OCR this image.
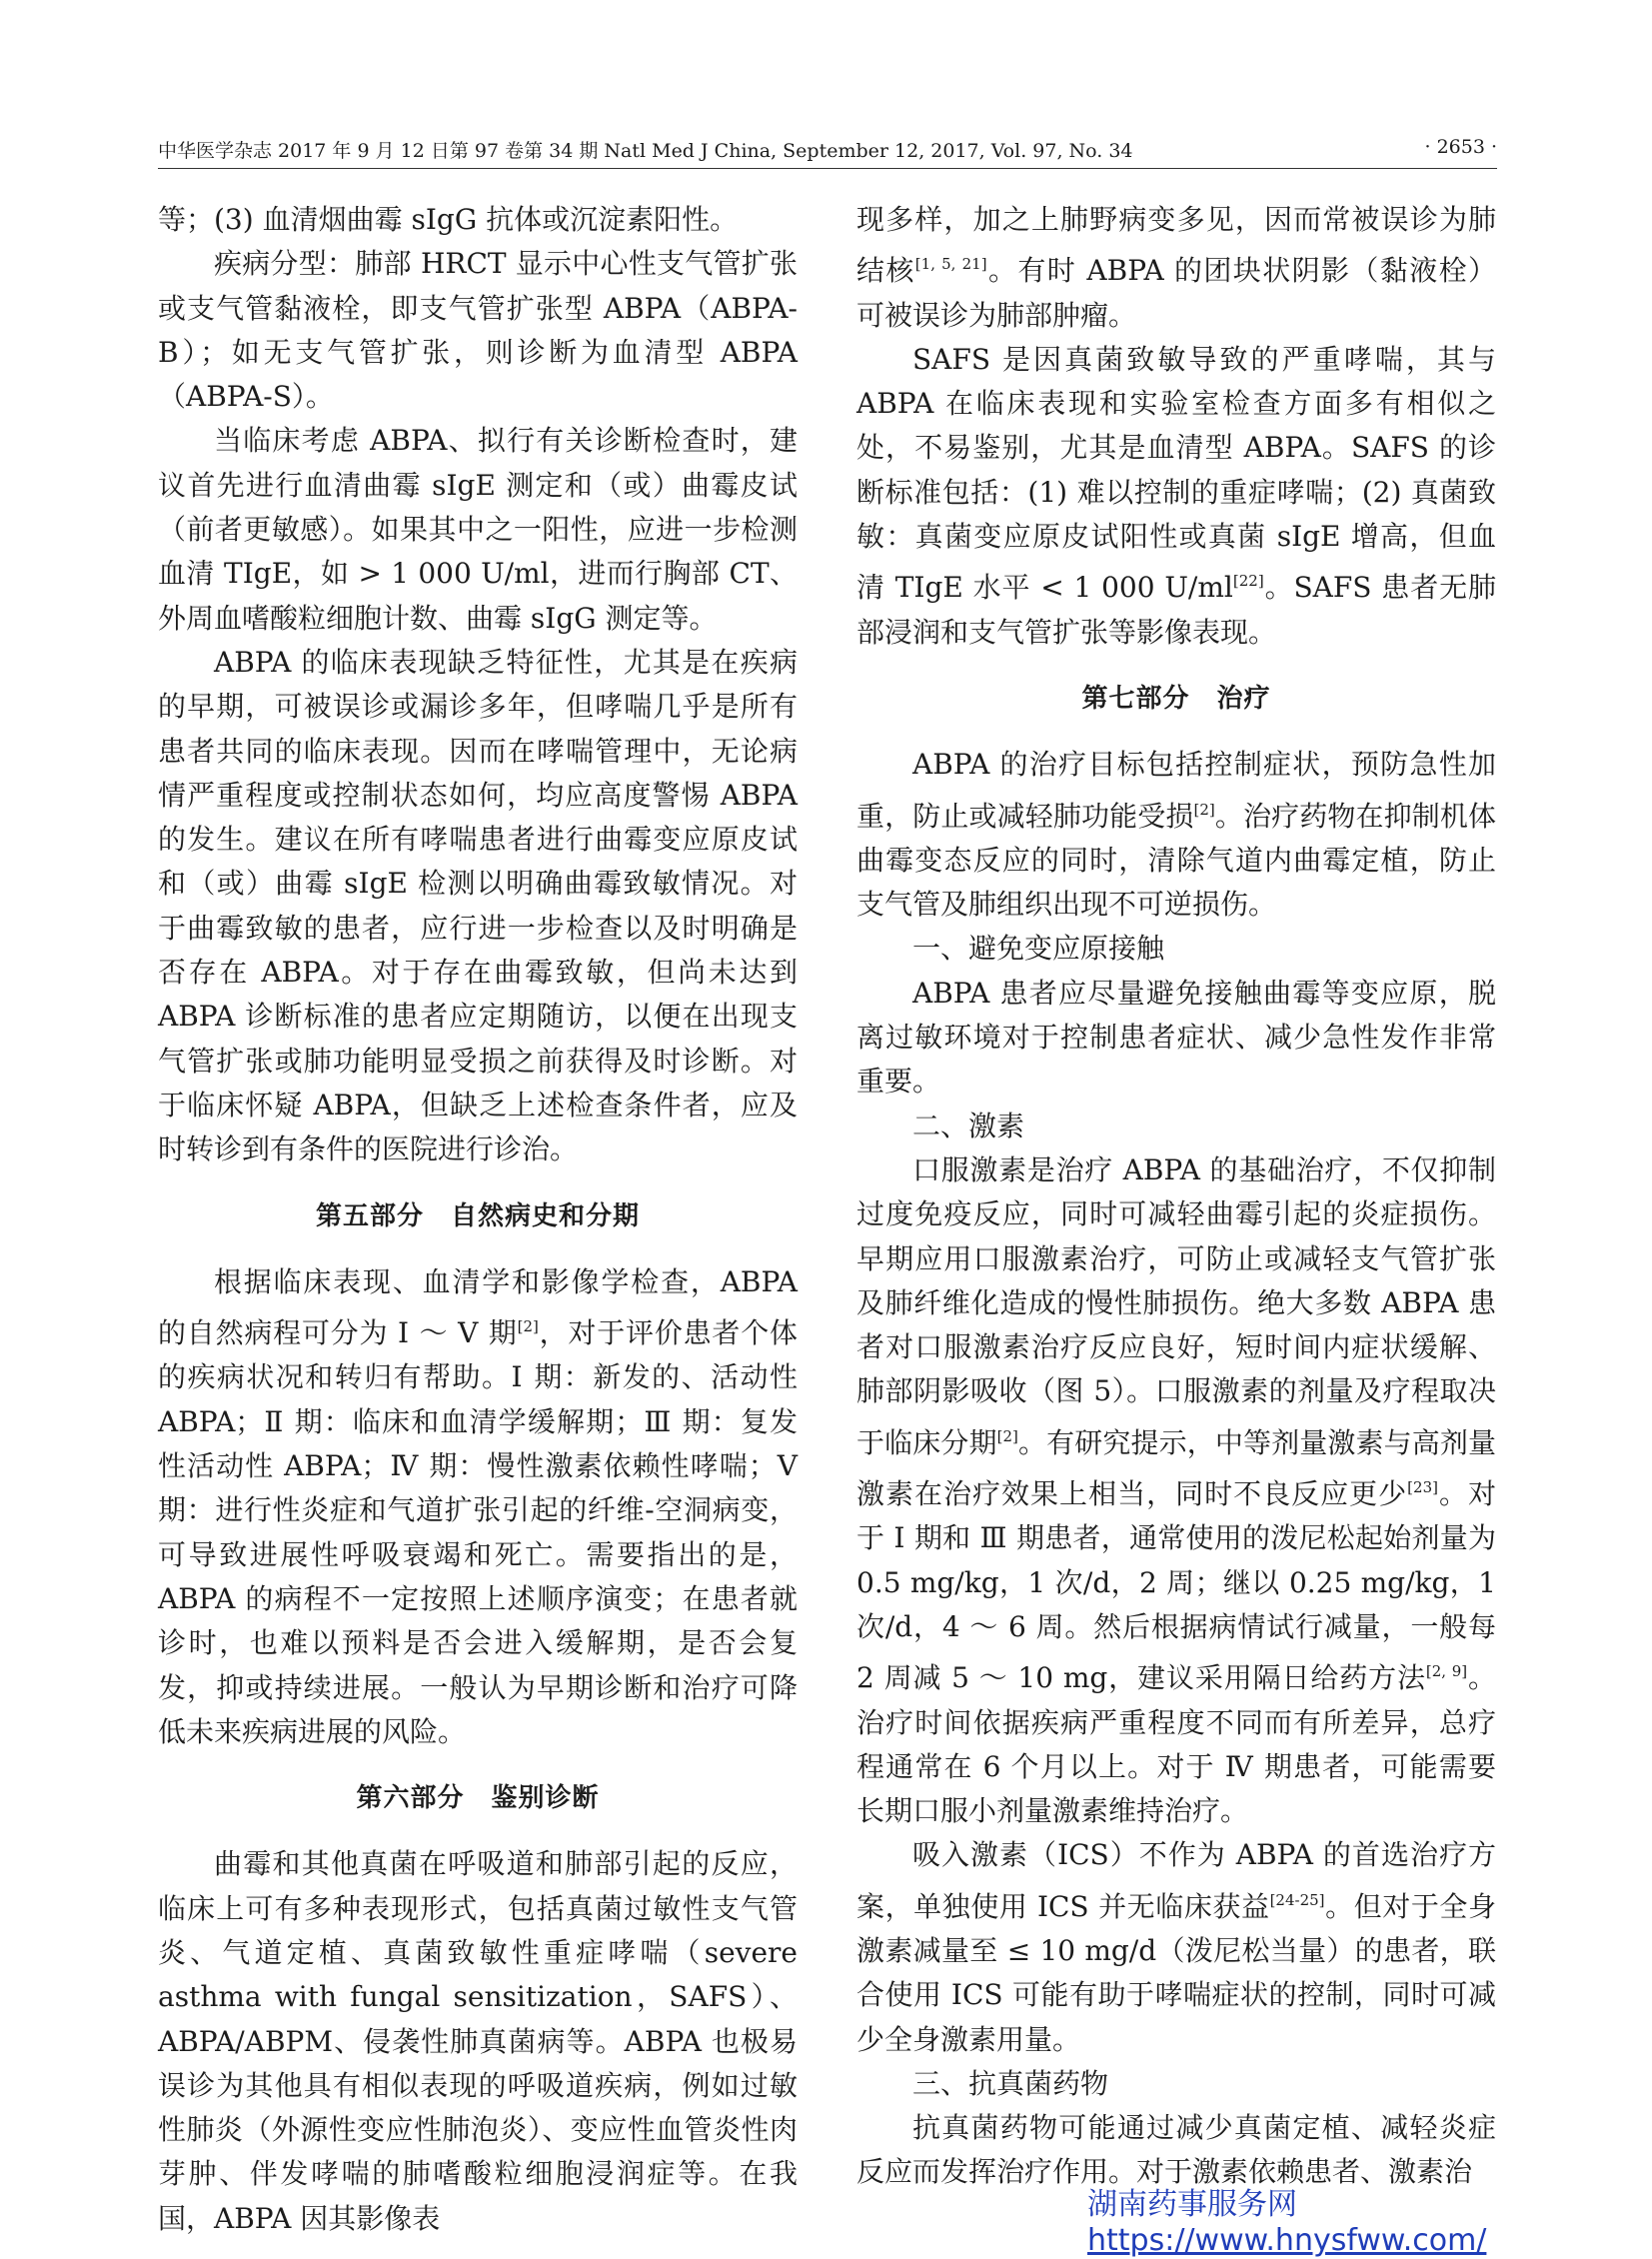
中华医学杂志 2017 年 9 月 12 日第 97 卷第 34 期 Natl Med J China, September 12, 2017, Vol. 97, No. 34	· 2653 ·

等；(3) 血清烟曲霉 sIgG 抗体或沉淀素阳性。

疾病分型：肺部 HRCT 显示中心性支气管扩张或支气管黏液栓，即支气管扩张型 ABPA（ABPA-B）；如无支气管扩张，则诊断为血清型 ABPA（ABPA-S）。

当临床考虑 ABPA、拟行有关诊断检查时，建议首先进行血清曲霉 sIgE 测定和（或）曲霉皮试（前者更敏感）。如果其中之一阳性，应进一步检测血清 TIgE，如 > 1 000 U/ml，进而行胸部 CT、外周血嗜酸粒细胞计数、曲霉 sIgG 测定等。

ABPA 的临床表现缺乏特征性，尤其是在疾病的早期，可被误诊或漏诊多年，但哮喘几乎是所有患者共同的临床表现。因而在哮喘管理中，无论病情严重程度或控制状态如何，均应高度警惕 ABPA 的发生。建议在所有哮喘患者进行曲霉变应原皮试和（或）曲霉 sIgE 检测以明确曲霉致敏情况。对于曲霉致敏的患者，应行进一步检查以及时明确是否存在 ABPA。对于存在曲霉致敏，但尚未达到 ABPA 诊断标准的患者应定期随访，以便在出现支气管扩张或肺功能明显受损之前获得及时诊断。对于临床怀疑 ABPA，但缺乏上述检查条件者，应及时转诊到有条件的医院进行诊治。

第五部分　自然病史和分期

根据临床表现、血清学和影像学检查，ABPA 的自然病程可分为 Ⅰ ～ Ⅴ 期[2]，对于评价患者个体的疾病状况和转归有帮助。Ⅰ 期：新发的、活动性 ABPA；Ⅱ 期：临床和血清学缓解期；Ⅲ 期：复发性活动性 ABPA；Ⅳ 期：慢性激素依赖性哮喘；Ⅴ 期：进行性炎症和气道扩张引起的纤维-空洞病变，可导致进展性呼吸衰竭和死亡。需要指出的是，ABPA 的病程不一定按照上述顺序演变；在患者就诊时，也难以预料是否会进入缓解期，是否会复发，抑或持续进展。一般认为早期诊断和治疗可降低未来疾病进展的风险。

第六部分　鉴别诊断

曲霉和其他真菌在呼吸道和肺部引起的反应，临床上可有多种表现形式，包括真菌过敏性支气管炎、气道定植、真菌致敏性重症哮喘（severe asthma with fungal sensitization，SAFS）、ABPA/ABPM、侵袭性肺真菌病等。ABPA 也极易误诊为其他具有相似表现的呼吸道疾病，例如过敏性肺炎（外源性变应性肺泡炎）、变应性血管炎性肉芽肿、伴发哮喘的肺嗜酸粒细胞浸润症等。在我国，ABPA 因其影像表

现多样，加之上肺野病变多见，因而常被误诊为肺结核[1, 5, 21]。有时 ABPA 的团块状阴影（黏液栓）可被误诊为肺部肿瘤。

SAFS 是因真菌致敏导致的严重哮喘，其与 ABPA 在临床表现和实验室检查方面多有相似之处，不易鉴别，尤其是血清型 ABPA。SAFS 的诊断标准包括：(1) 难以控制的重症哮喘；(2) 真菌致敏：真菌变应原皮试阳性或真菌 sIgE 增高，但血清 TIgE 水平 < 1 000 U/ml[22]。SAFS 患者无肺部浸润和支气管扩张等影像表现。

第七部分　治疗

ABPA 的治疗目标包括控制症状，预防急性加重，防止或减轻肺功能受损[2]。治疗药物在抑制机体曲霉变态反应的同时，清除气道内曲霉定植，防止支气管及肺组织出现不可逆损伤。

一、避免变应原接触

ABPA 患者应尽量避免接触曲霉等变应原，脱离过敏环境对于控制患者症状、减少急性发作非常重要。

二、激素

口服激素是治疗 ABPA 的基础治疗，不仅抑制过度免疫反应，同时可减轻曲霉引起的炎症损伤。早期应用口服激素治疗，可防止或减轻支气管扩张及肺纤维化造成的慢性肺损伤。绝大多数 ABPA 患者对口服激素治疗反应良好，短时间内症状缓解、肺部阴影吸收（图 5）。口服激素的剂量及疗程取决于临床分期[2]。有研究提示，中等剂量激素与高剂量激素在治疗效果上相当，同时不良反应更少[23]。对于 Ⅰ 期和 Ⅲ 期患者，通常使用的泼尼松起始剂量为 0.5 mg/kg，1 次/d，2 周；继以 0.25 mg/kg，1 次/d，4 ～ 6 周。然后根据病情试行减量，一般每 2 周减 5 ～ 10 mg，建议采用隔日给药方法[2, 9]。治疗时间依据疾病严重程度不同而有所差异，总疗程通常在 6 个月以上。对于 Ⅳ 期患者，可能需要长期口服小剂量激素维持治疗。

吸入激素（ICS）不作为 ABPA 的首选治疗方案，单独使用 ICS 并无临床获益[24-25]。但对于全身激素减量至 ≤ 10 mg/d（泼尼松当量）的患者，联合使用 ICS 可能有助于哮喘症状的控制，同时可减少全身激素用量。

三、抗真菌药物

抗真菌药物可能通过减少真菌定植、减轻炎症反应而发挥治疗作用。对于激素依赖患者、激素治

湖南药事服务网
https://www.hnysfww.com/
